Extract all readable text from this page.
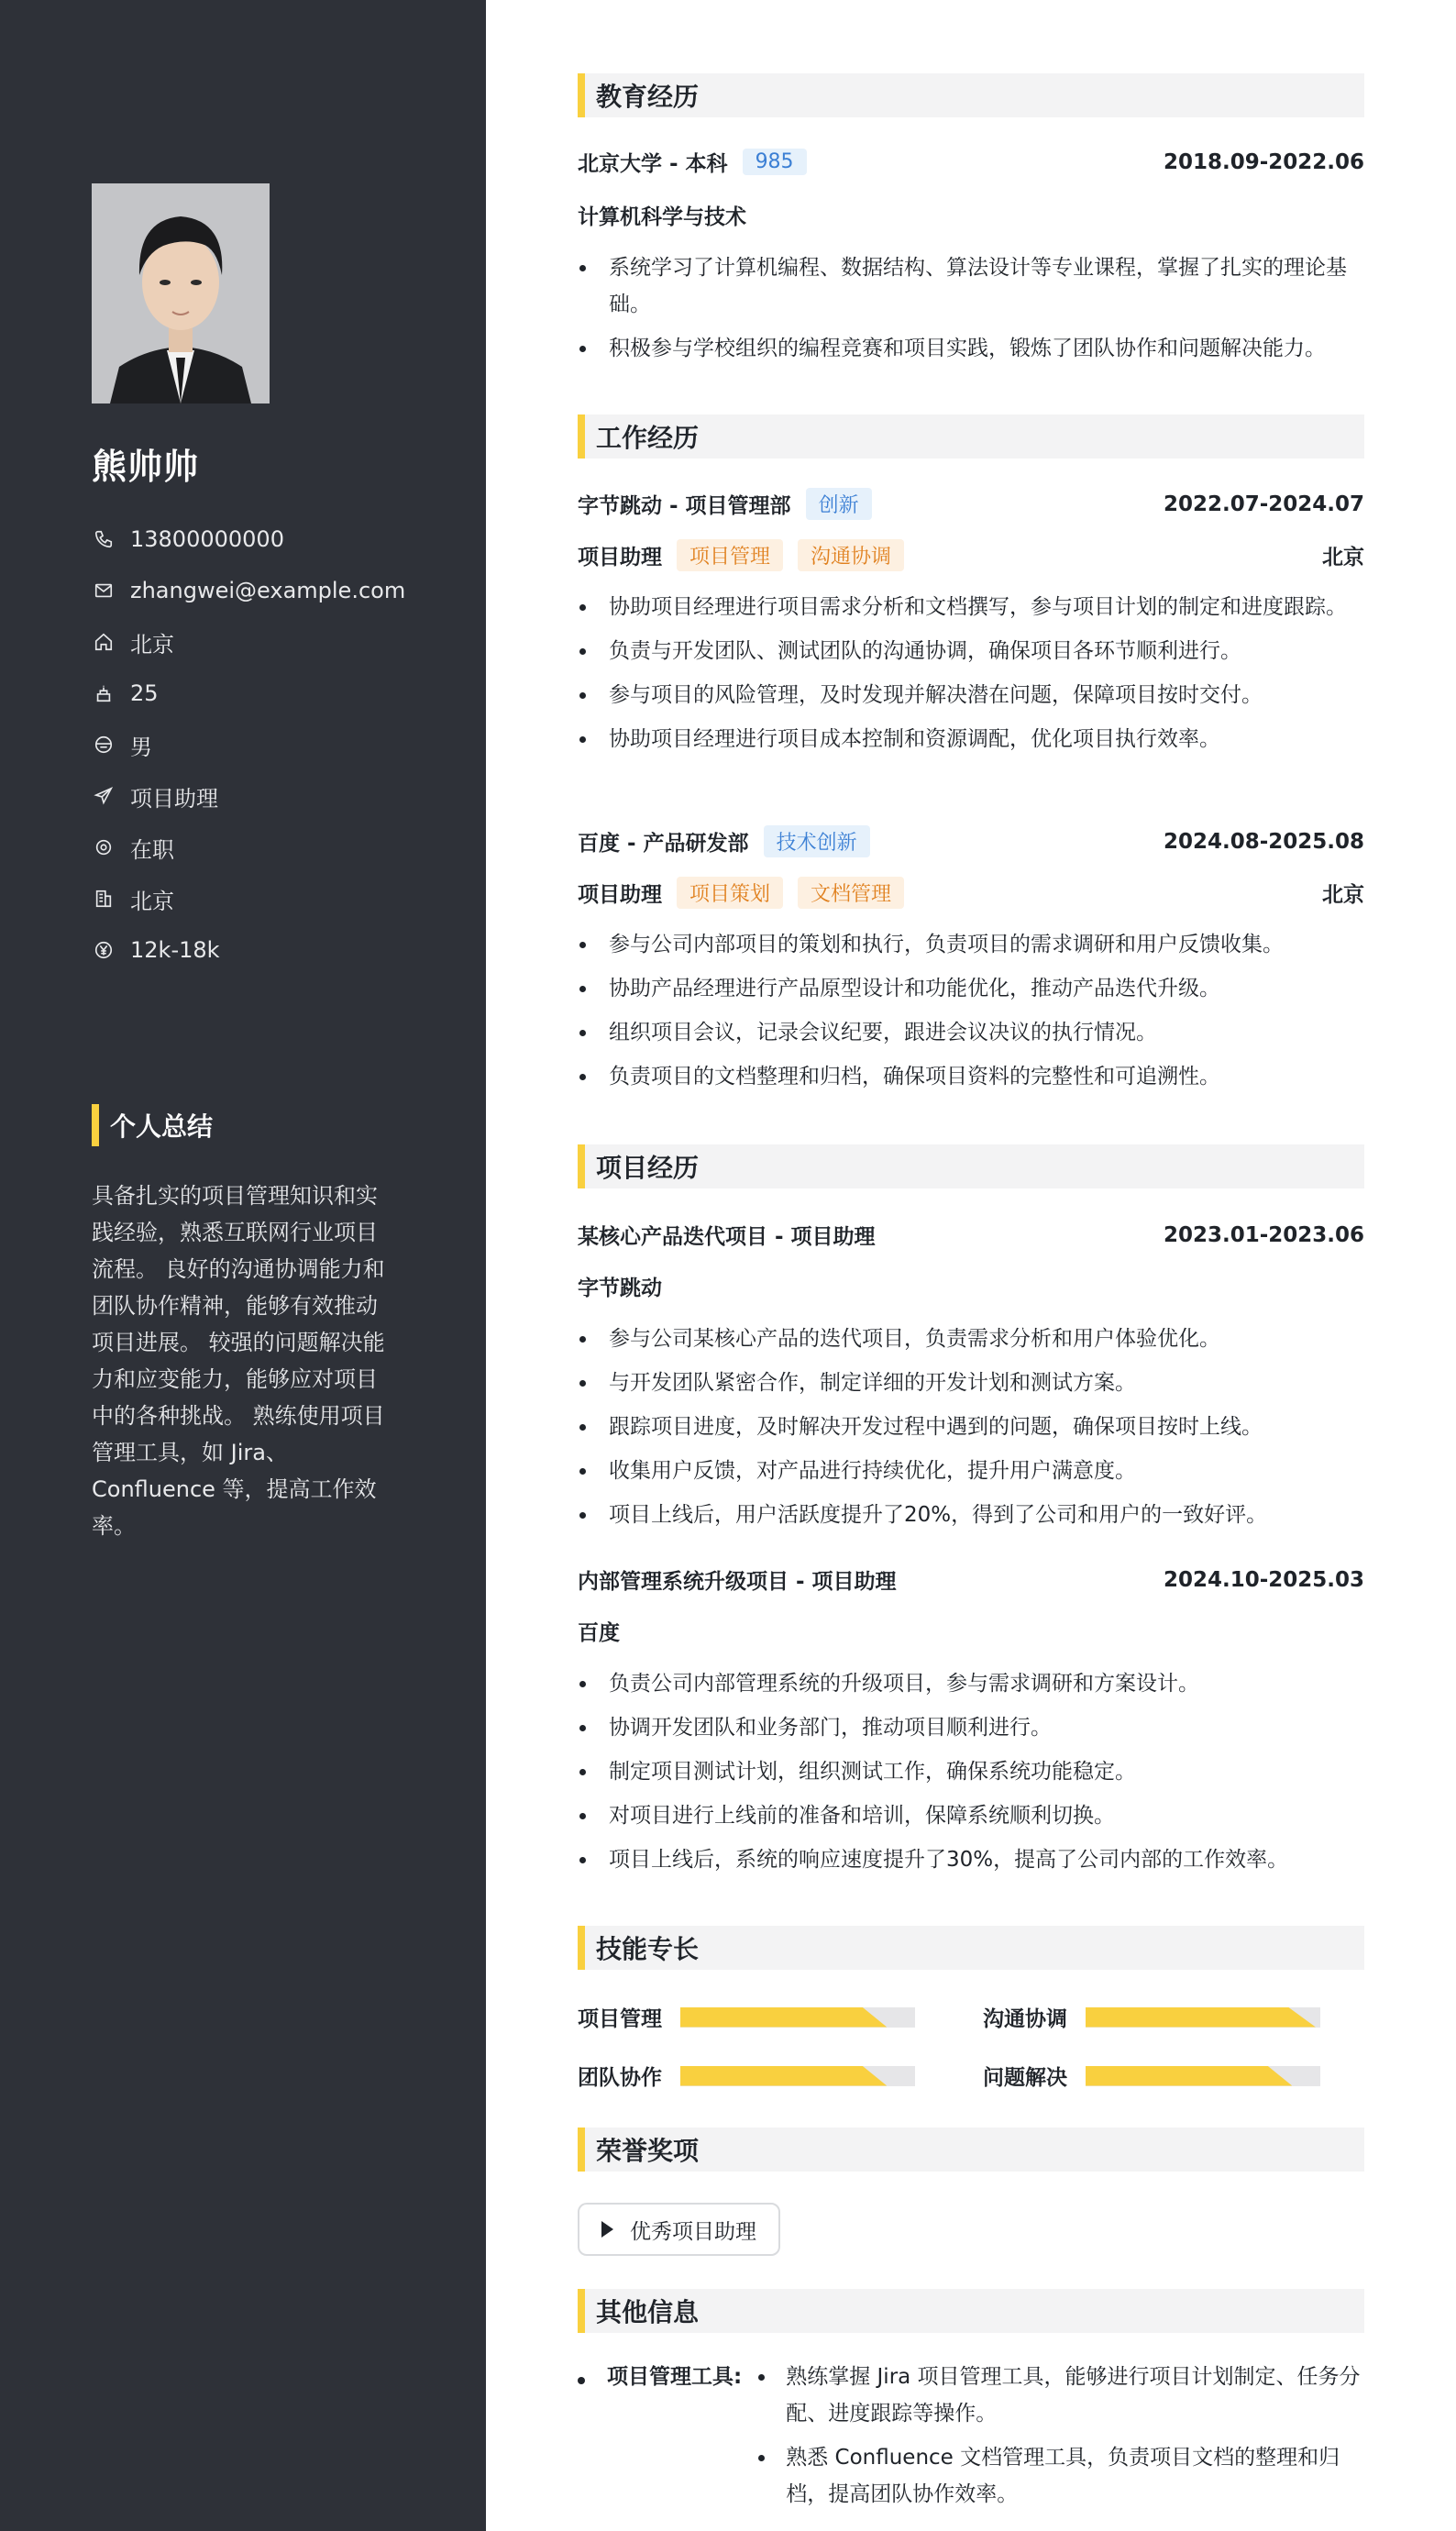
熊帅帅
13800000000
zhangwei@example.com
北京
25
男
项目助理
在职
北京
12k-18k
个人总结
具备扎实的项目管理知识和实践经验，熟悉互联网行业项目流程。 良好的沟通协调能力和团队协作精神，能够有效推动项目进展。 较强的问题解决能力和应变能力，能够应对项目中的各种挑战。 熟练使用项目管理工具，如 Jira、Confluence 等，提高工作效率。
教育经历
北京大学 - 本科	985	2018.09-2022.06
计算机科学与技术
系统学习了计算机编程、数据结构、算法设计等专业课程，掌握了扎实的理论基础。
积极参与学校组织的编程竞赛和项目实践，锻炼了团队协作和问题解决能力。
工作经历
字节跳动 - 项目管理部	创新	2022.07-2024.07
项目助理	项目管理	沟通协调	北京
协助项目经理进行项目需求分析和文档撰写，参与项目计划的制定和进度跟踪。
负责与开发团队、测试团队的沟通协调，确保项目各环节顺利进行。
参与项目的风险管理，及时发现并解决潜在问题，保障项目按时交付。
协助项目经理进行项目成本控制和资源调配，优化项目执行效率。
百度 - 产品研发部	技术创新	2024.08-2025.08
项目助理	项目策划	文档管理	北京
参与公司内部项目的策划和执行，负责项目的需求调研和用户反馈收集。
协助产品经理进行产品原型设计和功能优化，推动产品迭代升级。
组织项目会议，记录会议纪要，跟进会议决议的执行情况。
负责项目的文档整理和归档，确保项目资料的完整性和可追溯性。
项目经历
某核心产品迭代项目 - 项目助理	2023.01-2023.06
字节跳动
参与公司某核心产品的迭代项目，负责需求分析和用户体验优化。
与开发团队紧密合作，制定详细的开发计划和测试方案。
跟踪项目进度，及时解决开发过程中遇到的问题，确保项目按时上线。
收集用户反馈，对产品进行持续优化，提升用户满意度。
项目上线后，用户活跃度提升了20%，得到了公司和用户的一致好评。
内部管理系统升级项目 - 项目助理	2024.10-2025.03
百度
负责公司内部管理系统的升级项目，参与需求调研和方案设计。
协调开发团队和业务部门，推动项目顺利进行。
制定项目测试计划，组织测试工作，确保系统功能稳定。
对项目进行上线前的准备和培训，保障系统顺利切换。
项目上线后，系统的响应速度提升了30%，提高了公司内部的工作效率。
技能专长
项目管理	沟通协调
团队协作	问题解决
荣誉奖项
优秀项目助理
其他信息
项目管理工具:	熟练掌握 Jira 项目管理工具，能够进行项目计划制定、任务分配、进度跟踪等操作。
熟悉 Confluence 文档管理工具，负责项目文档的整理和归档，提高团队协作效率。
